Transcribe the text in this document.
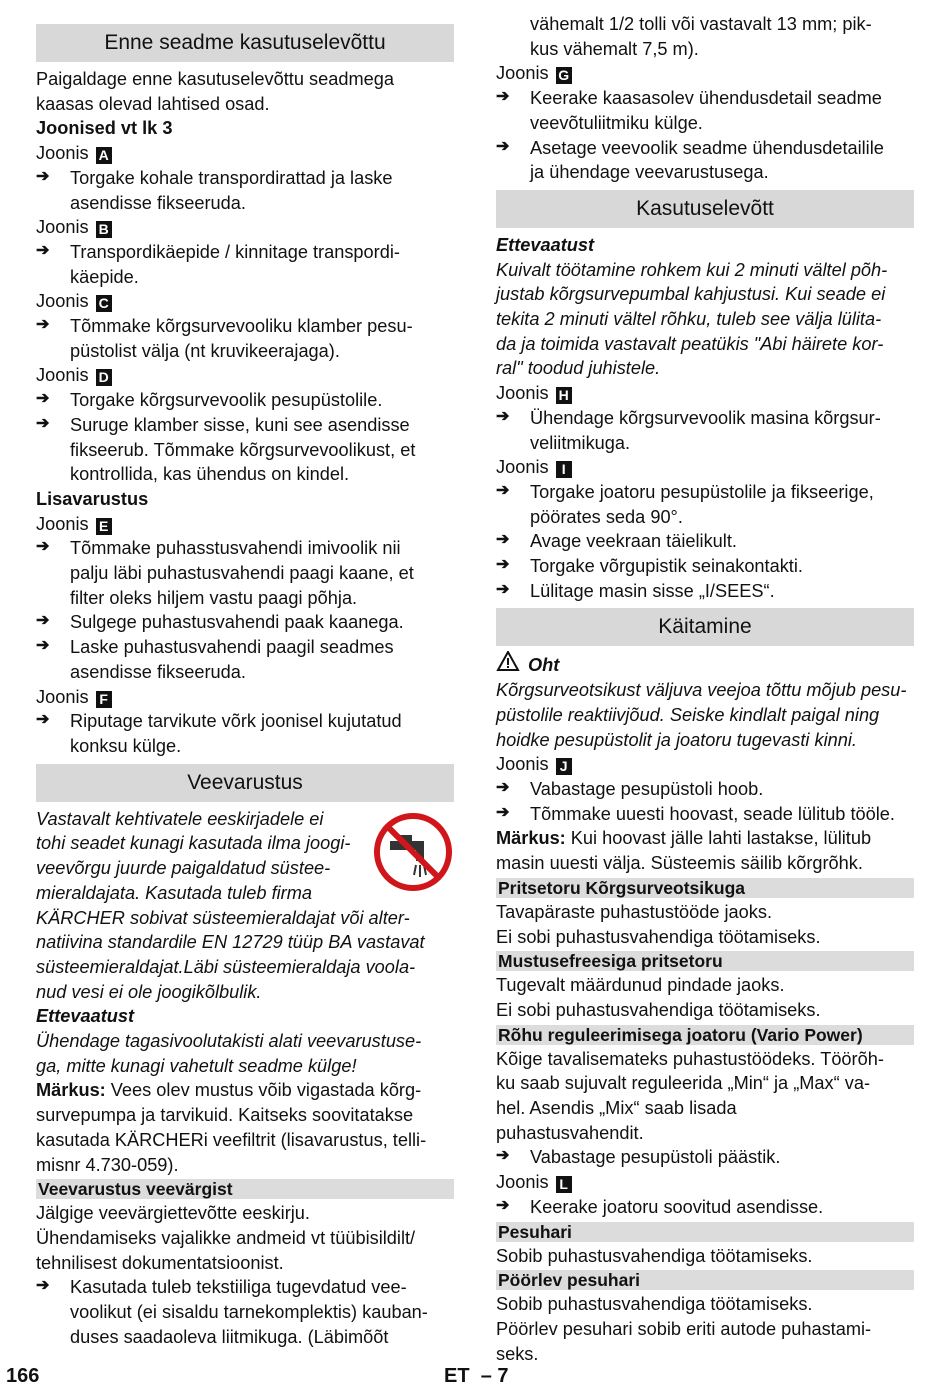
Enne seadme kasutuselevõttu

Paigaldage enne kasutuselevõttu seadmega

kaasas olevad lahtised osad.

Joonised vt lk 3

Joonis A

➔ Torgake kohale transpordirattad ja laske

asendisse fikseeruda.

Joonis B

➔ Transpordikäepide / kinnitage transpordi-

käepide.

Joonis C

➔ Tõmmake kõrgsurvevooliku klamber pesu-

püstolist välja (nt kruvikeerajaga).

Joonis D

➔ Torgake kõrgsurvevoolik pesupüstolile.

➔ Suruge klamber sisse, kuni see asendisse

fikseerub. Tõmmake kõrgsurvevoolikust, et

kontrollida, kas ühendus on kindel.

Lisavarustus

Joonis E

➔ Tõmmake puhasstusvahendi imivoolik nii

palju läbi puhastusvahendi paagi kaane, et

filter oleks hiljem vastu paagi põhja.

➔ Sulgege puhastusvahendi paak kaanega.

➔ Laske puhastusvahendi paagil seadmes

asendisse fikseeruda.

Joonis F

➔ Riputage tarvikute võrk joonisel kujutatud

konksu külge.

Veevarustus

Vastavalt kehtivatele eeskirjadele ei

tohi seadet kunagi kasutada ilma joogi-

veevõrgu juurde paigaldatud süstee-

mieraldajata. Kasutada tuleb firma

KÄRCHER sobivat süsteemieraldajat või alter-

natiivina standardile EN 12729 tüüp BA vastavat

süsteemieraldajat.Läbi süsteemieraldaja voola-

nud vesi ei ole joogikõlbulik.

Ettevaatust

Ühendage tagasivoolutakisti alati veevarustuse-

ga, mitte kunagi vahetult seadme külge!

Märkus: Vees olev mustus võib vigastada kõrg-

survepumpa ja tarvikuid. Kaitseks soovitatakse

kasutada KÄRCHERi veefiltrit (lisavarustus, telli-

misnr 4.730-059).

Veevarustus veevärgist

Jälgige veevärgiettevõtte eeskirju.

Ühendamiseks vajalikke andmeid vt tüübisildilt/

tehnilisest dokumentatsioonist.

➔ Kasutada tuleb tekstiiliga tugevdatud vee-

voolikut (ei sisaldu tarnekomplektis) kauban-

duses saadaoleva liitmikuga. (Läbimõõt

vähemalt 1/2 tolli või vastavalt 13 mm; pik-

kus vähemalt 7,5 m).

Joonis G

➔ Keerake kaasasolev ühendusdetail seadme

veevõtuliitmiku külge.

➔ Asetage veevoolik seadme ühendusdetailile

ja ühendage veevarustusega.

Kasutuselevõtt

Ettevaatust

Kuivalt töötamine rohkem kui 2 minuti vältel põh-

justab kõrgsurvepumbal kahjustusi. Kui seade ei

tekita 2 minuti vältel rõhku, tuleb see välja lülita-

da ja toimida vastavalt peatükis "Abi häirete kor-

ral" toodud juhistele.

Joonis H

➔ Ühendage kõrgsurvevoolik masina kõrgsur-

veliitmikuga.

Joonis I

➔ Torgake joatoru pesupüstolile ja fikseerige,

pöörates seda 90°.

➔ Avage veekraan täielikult.

➔ Torgake võrgupistik seinakontakti.

➔ Lülitage masin sisse „I/SEES“.

Käitamine

Oht

Kõrgsurveotsikust väljuva veejoa tõttu mõjub pesu-

püstolile reaktiivjõud. Seiske kindlalt paigal ning

hoidke pesupüstolit ja joatoru tugevasti kinni.

Joonis J

➔ Vabastage pesupüstoli hoob.

➔ Tõmmake uuesti hoovast, seade lülitub tööle.

Märkus: Kui hoovast jälle lahti lastakse, lülitub

masin uuesti välja. Süsteemis säilib kõrgrõhk.

Pritsetoru Kõrgsurveotsikuga

Tavapäraste puhastustööde jaoks.

Ei sobi puhastusvahendiga töötamiseks.

Mustusefreesiga pritsetoru

Tugevalt määrdunud pindade jaoks.

Ei sobi puhastusvahendiga töötamiseks.

Rõhu reguleerimisega joatoru (Vario Power)

Kõige tavalisemateks puhastustöödeks. Töörõh-

ku saab sujuvalt reguleerida „Min“ ja „Max“ va-

hel. Asendis „Mix“ saab lisada

puhastusvahendit.

➔ Vabastage pesupüstoli päästik.

Joonis L

➔ Keerake joatoru soovitud asendisse.

Pesuhari

Sobib puhastusvahendiga töötamiseks.

Pöörlev pesuhari

Sobib puhastusvahendiga töötamiseks.

Pöörlev pesuhari sobib eriti autode puhastami-

seks.

166	ET – 7
